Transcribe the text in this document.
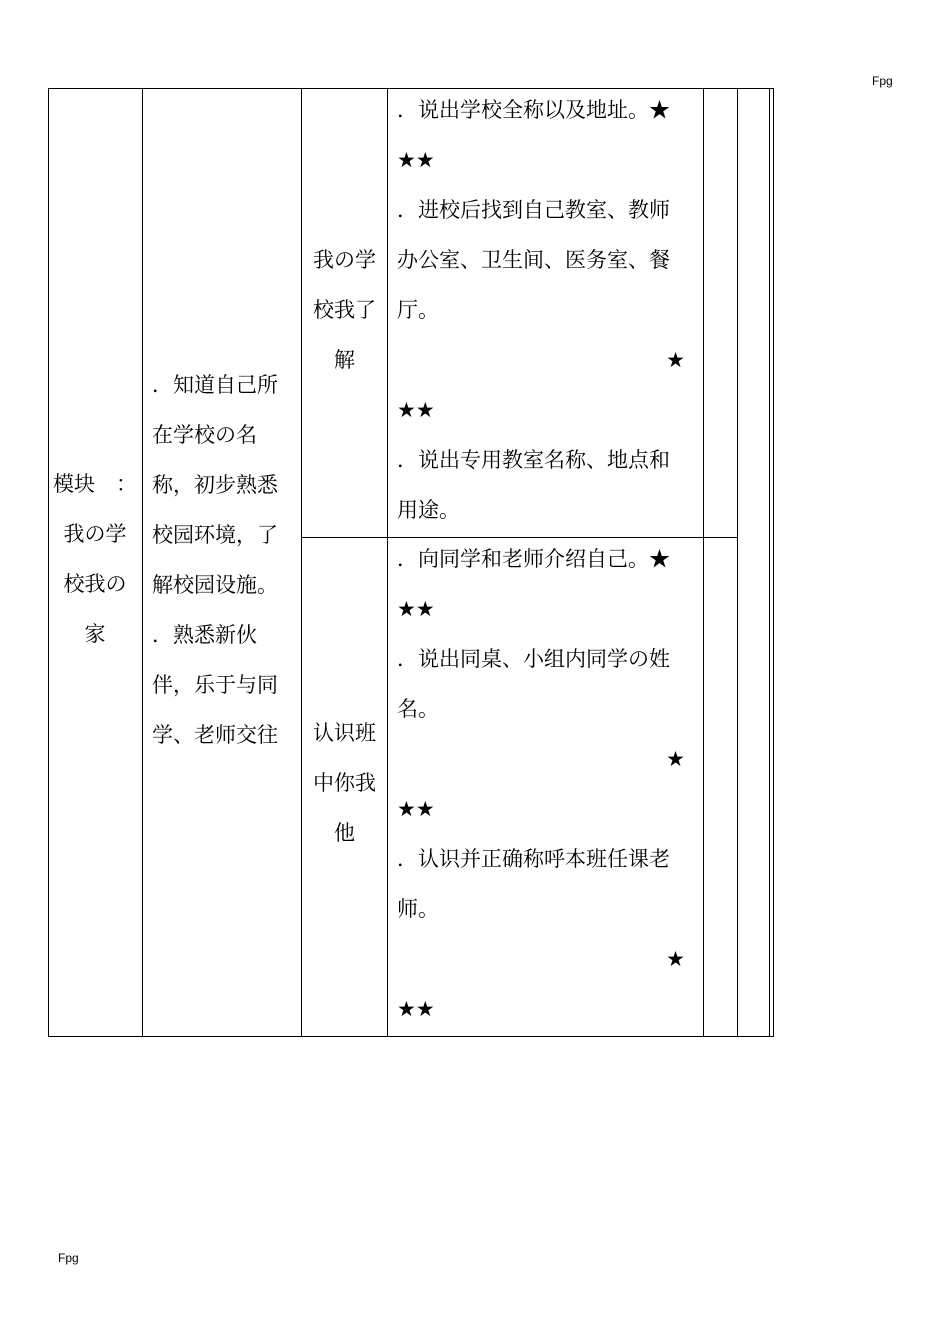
Fpg
Fpg
模块　：
我の学
校我の
家
．知道自己所
在学校の名
称，初步熟悉
校园环境，了
解校园设施。
．熟悉新伙
伴，乐于与同
学、老师交往
我の学
校我了
解
认识班
中你我
他
．说出学校全称以及地址。★
★★
．进校后找到自己教室、教师
办公室、卫生间、医务室、餐
厅。
★
★★
．说出专用教室名称、地点和
用途。
．向同学和老师介绍自己。★
★★
．说出同桌、小组内同学の姓
名。
★
★★
．认识并正确称呼本班任课老
师。
★
★★
